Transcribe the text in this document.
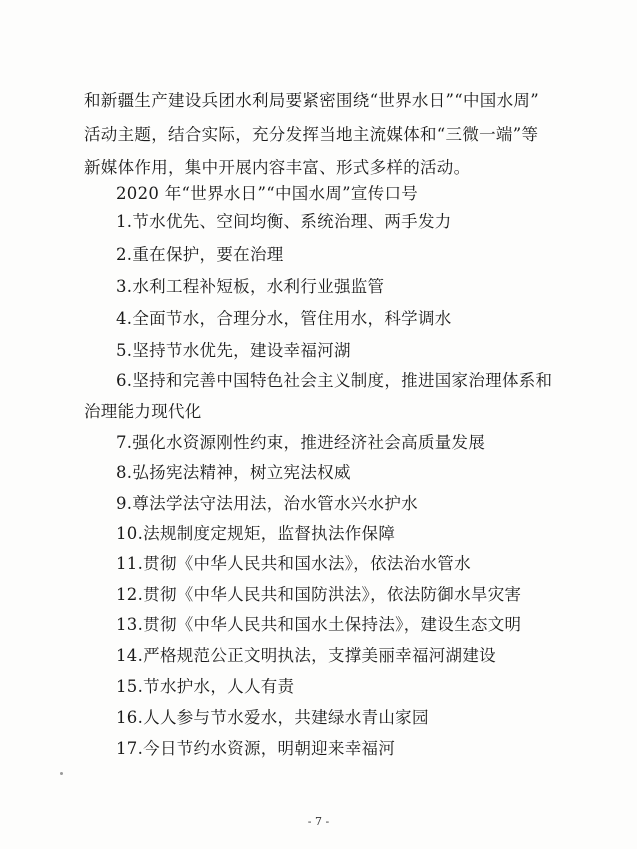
和新疆生产建设兵团水利局要紧密围绕“世界水日”“中国水周”
活动主题，结合实际，充分发挥当地主流媒体和“三微一端”等
新媒体作用，集中开展内容丰富、形式多样的活动。
2020 年“世界水日”“中国水周”宣传口号
1.节水优先、空间均衡、系统治理、两手发力
2.重在保护，要在治理
3.水利工程补短板，水利行业强监管
4.全面节水，合理分水，管住用水，科学调水
5.坚持节水优先，建设幸福河湖
6.坚持和完善中国特色社会主义制度，推进国家治理体系和
治理能力现代化
7.强化水资源刚性约束，推进经济社会高质量发展
8.弘扬宪法精神，树立宪法权威
9.尊法学法守法用法，治水管水兴水护水
10.法规制度定规矩，监督执法作保障
11.贯彻《中华人民共和国水法》，依法治水管水
12.贯彻《中华人民共和国防洪法》，依法防御水旱灾害
13.贯彻《中华人民共和国水土保持法》，建设生态文明
14.严格规范公正文明执法，支撑美丽幸福河湖建设
15.节水护水，人人有责
16.人人参与节水爱水，共建绿水青山家园
17.今日节约水资源，明朝迎来幸福河
- 7 -
